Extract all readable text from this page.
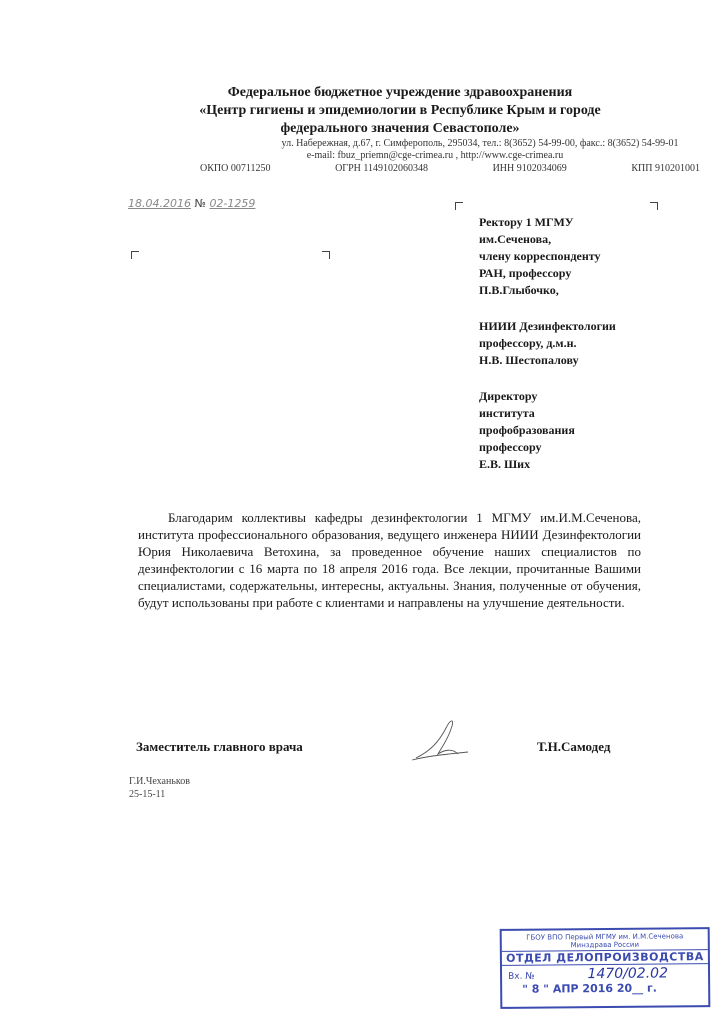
Федеральное бюджетное учреждение здравоохранения
«Центр гигиены и эпидемиологии в Республике Крым и городе
федерального значения Севастополе»
ул. Набережная, д.67, г. Симферополь, 295034, тел.: 8(3652) 54-99-00, факс.: 8(3652) 54-99-01
e-mail: fbuz_priemn@cge-crimea.ru , http://www.cge-crimea.ru
ОКПО 00711250	ОГРН 1149102060348	ИНН 9102034069	КПП 910201001
18.04.2016 № 02-1259

Ректору 1 МГМУ

им.Сеченова,

члену корреспонденту

РАН, профессору

П.В.Глыбочко,

НИИИ Дезинфектологии

профессору, д.м.н.

Н.В. Шестопалову

Директору

института

профобразования

профессору

Е.В. Ших

Благодарим коллективы кафедры дезинфектологии 1 МГМУ им.И.М.Сеченова, института профессионального образования, ведущего инженера НИИИ Дезинфектологии Юрия Николаевича Ветохина, за проведенное обучение наших специалистов по дезинфектологии с 16 марта по 18 апреля 2016 года. Все лекции, прочитанные Вашими специалистами, содержательны, интересны, актуальны. Знания, полученные от обучения, будут использованы при работе с клиентами и направлены на улучшение деятельности.

Заместитель главного врача	Т.Н.Самодед
Г.И.Чеханьков
25-15-11
ГБОУ ВПО Первый МГМУ им. И.М.Сеченова
Минздрава России
ОТДЕЛ ДЕЛОПРОИЗВОДСТВА
Вх. №	1470/02.02
" 8 " АПР 2016 20__ г.
